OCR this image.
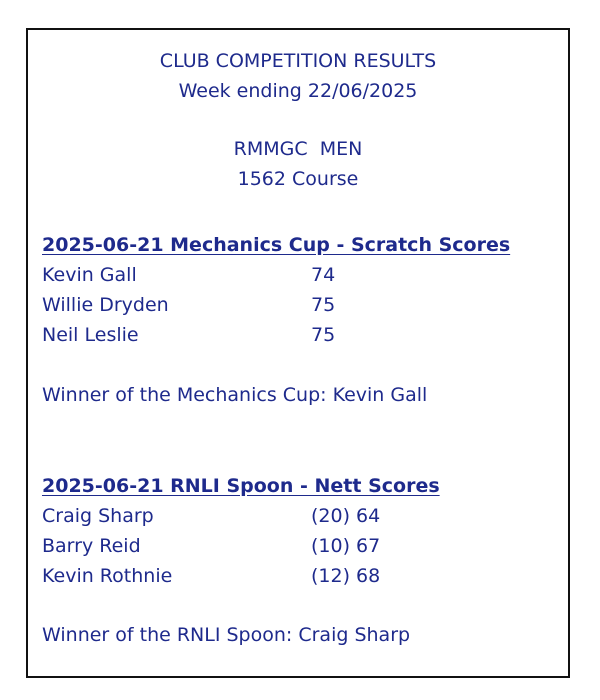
CLUB COMPETITION RESULTS
Week ending 22/06/2025
RMMGC  MEN
1562 Course
2025-06-21 Mechanics Cup - Scratch Scores
Kevin Gall	74
Willie Dryden	75
Neil Leslie	75
Winner of the Mechanics Cup: Kevin Gall
2025-06-21 RNLI Spoon - Nett Scores
Craig Sharp	(20) 64
Barry Reid	(10) 67
Kevin Rothnie	(12) 68
Winner of the RNLI Spoon: Craig Sharp
